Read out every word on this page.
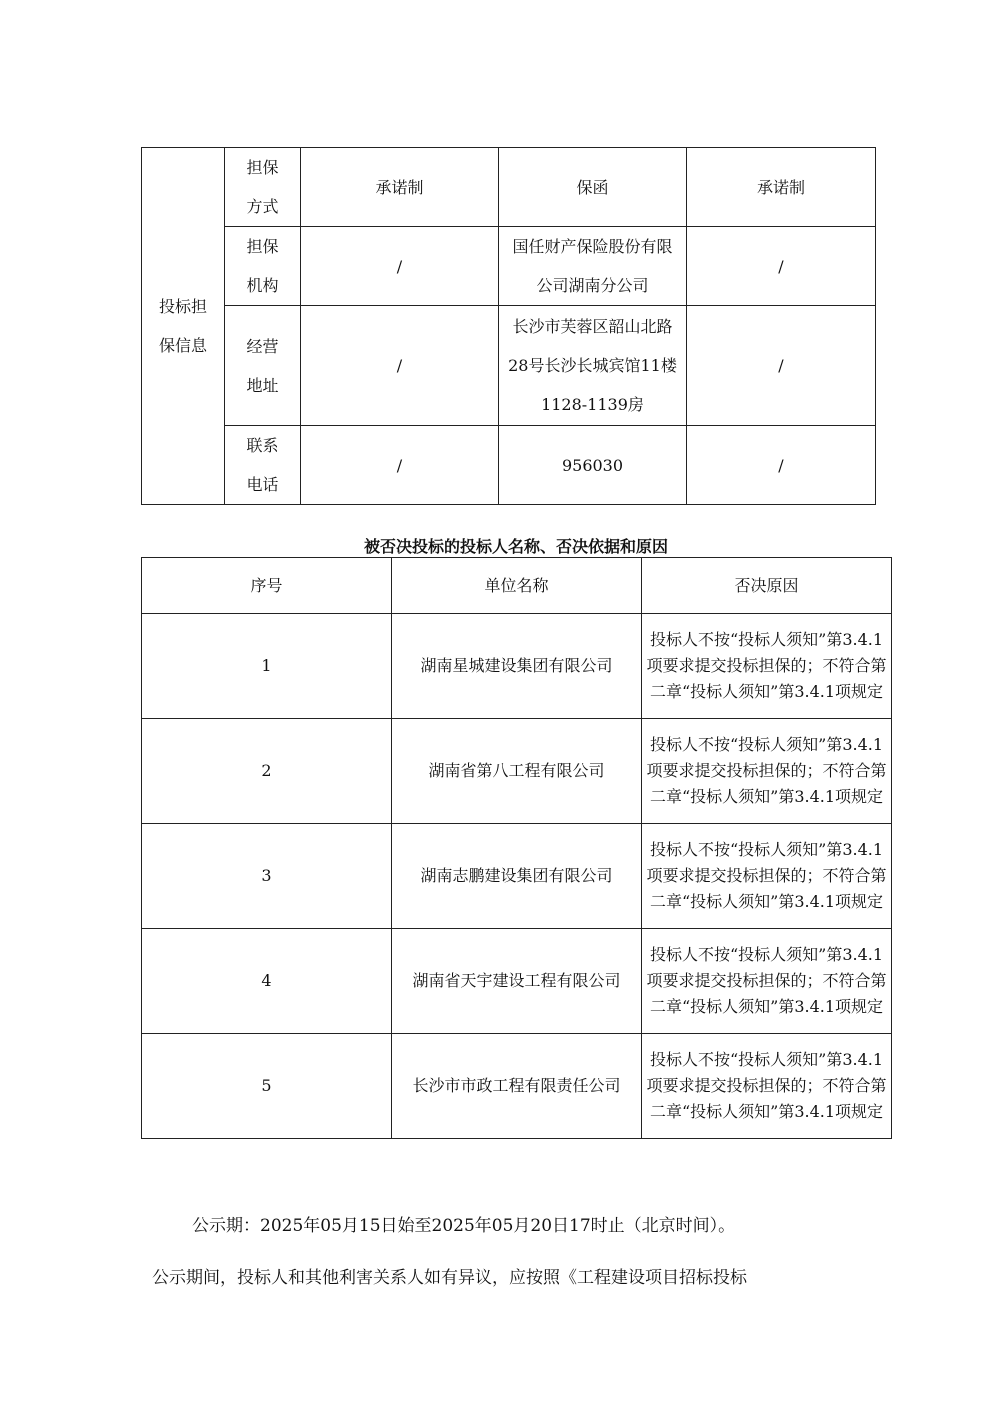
投标担保信息	担保方式	承诺制	保函	承诺制
	担保机构	/	国任财产保险股份有限公司湖南分公司	/
	经营地址	/	长沙市芙蓉区韶山北路28号长沙长城宾馆11楼1128-1139房	/
	联系电话	/	956030	/
被否决投标的投标人名称、否决依据和原因
序号	单位名称	否决原因
1	湖南星城建设集团有限公司	投标人不按“投标人须知”第3.4.1项要求提交投标担保的；不符合第二章“投标人须知”第3.4.1项规定
2	湖南省第八工程有限公司	投标人不按“投标人须知”第3.4.1项要求提交投标担保的；不符合第二章“投标人须知”第3.4.1项规定
3	湖南志鹏建设集团有限公司	投标人不按“投标人须知”第3.4.1项要求提交投标担保的；不符合第二章“投标人须知”第3.4.1项规定
4	湖南省天宇建设工程有限公司	投标人不按“投标人须知”第3.4.1项要求提交投标担保的；不符合第二章“投标人须知”第3.4.1项规定
5	长沙市市政工程有限责任公司	投标人不按“投标人须知”第3.4.1项要求提交投标担保的；不符合第二章“投标人须知”第3.4.1项规定
公示期：2025年05月15日始至2025年05月20日17时止（北京时间）。
公示期间，投标人和其他利害关系人如有异议，应按照《工程建设项目招标投标
